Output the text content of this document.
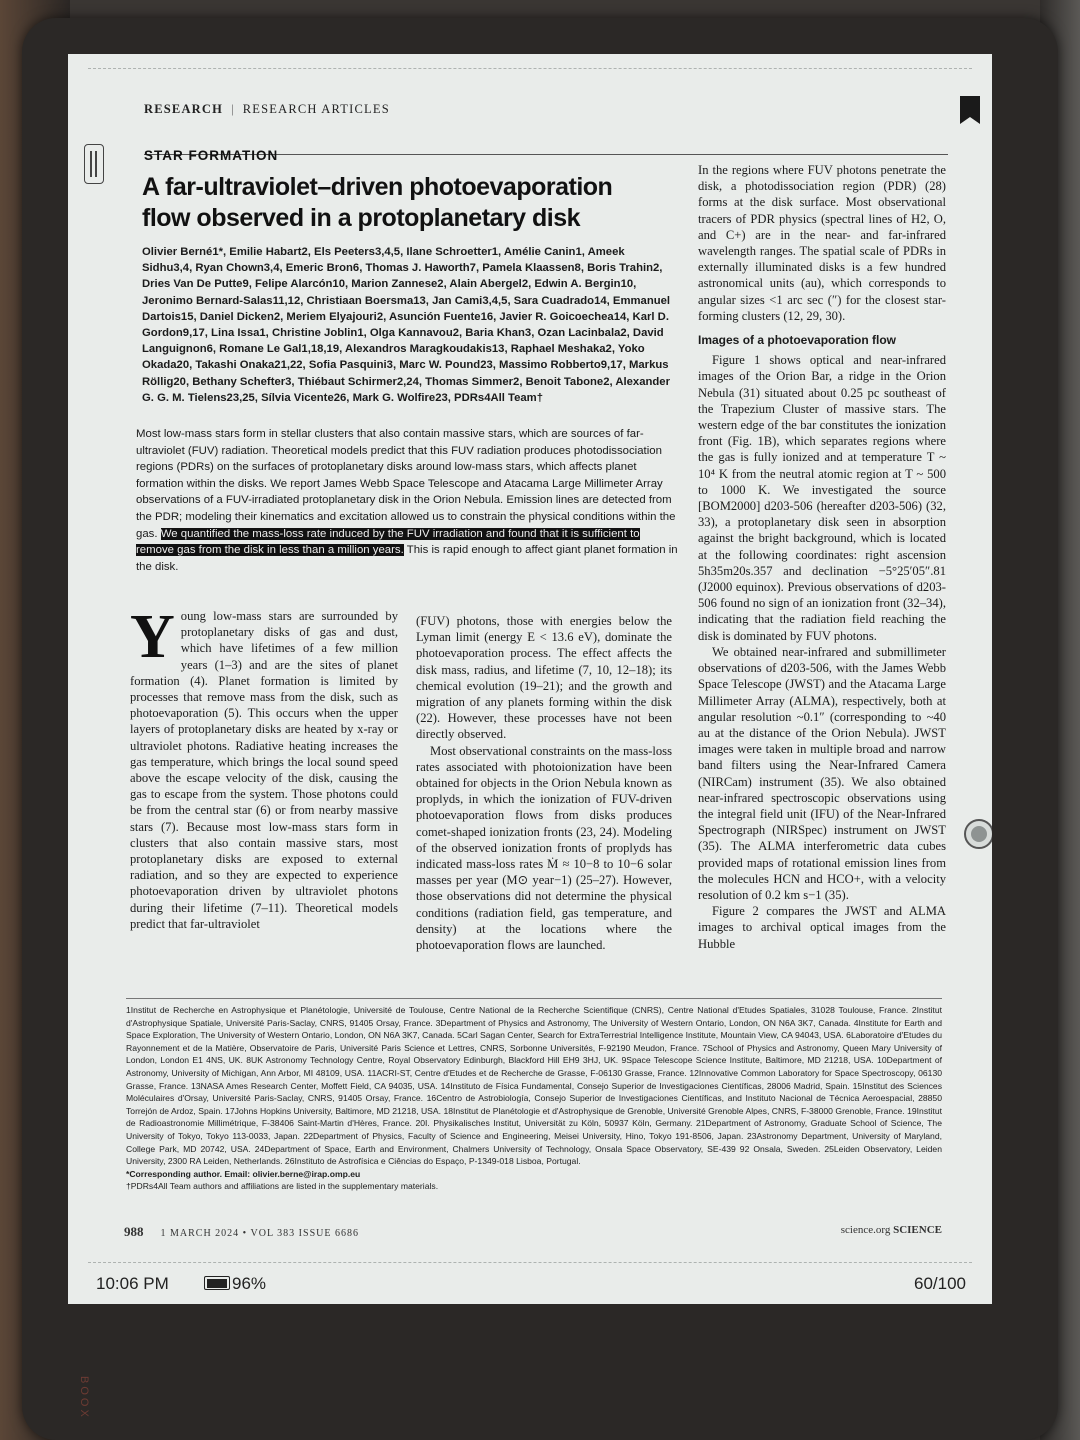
BOOX
RESEARCH | RESEARCH ARTICLES
STAR FORMATION
A far-ultraviolet–driven photoevaporation flow observed in a protoplanetary disk
Olivier Berné1*, Emilie Habart2, Els Peeters3,4,5, Ilane Schroetter1, Amélie Canin1, Ameek Sidhu3,4, Ryan Chown3,4, Emeric Bron6, Thomas J. Haworth7, Pamela Klaassen8, Boris Trahin2, Dries Van De Putte9, Felipe Alarcón10, Marion Zannese2, Alain Abergel2, Edwin A. Bergin10, Jeronimo Bernard-Salas11,12, Christiaan Boersma13, Jan Cami3,4,5, Sara Cuadrado14, Emmanuel Dartois15, Daniel Dicken2, Meriem Elyajouri2, Asunción Fuente16, Javier R. Goicoechea14, Karl D. Gordon9,17, Lina Issa1, Christine Joblin1, Olga Kannavou2, Baria Khan3, Ozan Lacinbala2, David Languignon6, Romane Le Gal1,18,19, Alexandros Maragkoudakis13, Raphael Meshaka2, Yoko Okada20, Takashi Onaka21,22, Sofia Pasquini3, Marc W. Pound23, Massimo Robberto9,17, Markus Röllig20, Bethany Schefter3, Thiébaut Schirmer2,24, Thomas Simmer2, Benoit Tabone2, Alexander G. G. M. Tielens23,25, Sílvia Vicente26, Mark G. Wolfire23, PDRs4All Team†
Most low-mass stars form in stellar clusters that also contain massive stars, which are sources of far-ultraviolet (FUV) radiation. Theoretical models predict that this FUV radiation produces photodissociation regions (PDRs) on the surfaces of protoplanetary disks around low-mass stars, which affects planet formation within the disks. We report James Webb Space Telescope and Atacama Large Millimeter Array observations of a FUV-irradiated protoplanetary disk in the Orion Nebula. Emission lines are detected from the PDR; modeling their kinematics and excitation allowed us to constrain the physical conditions within the gas. We quantified the mass-loss rate induced by the FUV irradiation and found that it is sufficient to remove gas from the disk in less than a million years. This is rapid enough to affect giant planet formation in the disk.

Young low-mass stars are surrounded by protoplanetary disks of gas and dust, which have lifetimes of a few million years (1–3) and are the sites of planet formation (4). Planet formation is limited by processes that remove mass from the disk, such as photoevaporation (5). This occurs when the upper layers of protoplanetary disks are heated by x-ray or ultraviolet photons. Radiative heating increases the gas temperature, which brings the local sound speed above the escape velocity of the disk, causing the gas to escape from the system. Those photons could be from the central star (6) or from nearby massive stars (7). Because most low-mass stars form in clusters that also contain massive stars, most protoplanetary disks are exposed to external radiation, and so they are expected to experience photoevaporation driven by ultraviolet photons during their lifetime (7–11). Theoretical models predict that far-ultraviolet

(FUV) photons, those with energies below the Lyman limit (energy E < 13.6 eV), dominate the photoevaporation process. The effect affects the disk mass, radius, and lifetime (7, 10, 12–18); its chemical evolution (19–21); and the growth and migration of any planets forming within the disk (22). However, these processes have not been directly observed.

Most observational constraints on the mass-loss rates associated with photoionization have been obtained for objects in the Orion Nebula known as proplyds, in which the ionization of FUV-driven photoevaporation flows from disks produces comet-shaped ionization fronts (23, 24). Modeling of the observed ionization fronts of proplyds has indicated mass-loss rates Ṁ ≈ 10−8 to 10−6 solar masses per year (M⊙ year−1) (25–27). However, those observations did not determine the physical conditions (radiation field, gas temperature, and density) at the locations where the photoevaporation flows are launched.

In the regions where FUV photons penetrate the disk, a photodissociation region (PDR) (28) forms at the disk surface. Most observational tracers of PDR physics (spectral lines of H2, O, and C+) are in the near- and far-infrared wavelength ranges. The spatial scale of PDRs in externally illuminated disks is a few hundred astronomical units (au), which corresponds to angular sizes <1 arc sec (″) for the closest star-forming clusters (12, 29, 30).

Images of a photoevaporation flow

Figure 1 shows optical and near-infrared images of the Orion Bar, a ridge in the Orion Nebula (31) situated about 0.25 pc southeast of the Trapezium Cluster of massive stars. The western edge of the bar constitutes the ionization front (Fig. 1B), which separates regions where the gas is fully ionized and at temperature T ~ 10⁴ K from the neutral atomic region at T ~ 500 to 1000 K. We investigated the source [BOM2000] d203-506 (hereafter d203-506) (32, 33), a protoplanetary disk seen in absorption against the bright background, which is located at the following coordinates: right ascension 5h35m20s.357 and declination −5°25′05″.81 (J2000 equinox). Previous observations of d203-506 found no sign of an ionization front (32–34), indicating that the radiation field reaching the disk is dominated by FUV photons.

We obtained near-infrared and submillimeter observations of d203-506, with the James Webb Space Telescope (JWST) and the Atacama Large Millimeter Array (ALMA), respectively, both at angular resolution ~0.1″ (corresponding to ~40 au at the distance of the Orion Nebula). JWST images were taken in multiple broad and narrow band filters using the Near-Infrared Camera (NIRCam) instrument (35). We also obtained near-infrared spectroscopic observations using the integral field unit (IFU) of the Near-Infrared Spectrograph (NIRSpec) instrument on JWST (35). The ALMA interferometric data cubes provided maps of rotational emission lines from the molecules HCN and HCO+, with a velocity resolution of 0.2 km s−1 (35).

Figure 2 compares the JWST and ALMA images to archival optical images from the Hubble

1Institut de Recherche en Astrophysique et Planétologie, Université de Toulouse, Centre National de la Recherche Scientifique (CNRS), Centre National d'Etudes Spatiales, 31028 Toulouse, France. 2Institut d'Astrophysique Spatiale, Université Paris-Saclay, CNRS, 91405 Orsay, France. 3Department of Physics and Astronomy, The University of Western Ontario, London, ON N6A 3K7, Canada. 4Institute for Earth and Space Exploration, The University of Western Ontario, London, ON N6A 3K7, Canada. 5Carl Sagan Center, Search for ExtraTerrestrial Intelligence Institute, Mountain View, CA 94043, USA. 6Laboratoire d'Etudes du Rayonnement et de la Matière, Observatoire de Paris, Université Paris Science et Lettres, CNRS, Sorbonne Universités, F-92190 Meudon, France. 7School of Physics and Astronomy, Queen Mary University of London, London E1 4NS, UK. 8UK Astronomy Technology Centre, Royal Observatory Edinburgh, Blackford Hill EH9 3HJ, UK. 9Space Telescope Science Institute, Baltimore, MD 21218, USA. 10Department of Astronomy, University of Michigan, Ann Arbor, MI 48109, USA. 11ACRI-ST, Centre d'Etudes et de Recherche de Grasse, F-06130 Grasse, France. 12Innovative Common Laboratory for Space Spectroscopy, 06130 Grasse, France. 13NASA Ames Research Center, Moffett Field, CA 94035, USA. 14Instituto de Física Fundamental, Consejo Superior de Investigaciones Científicas, 28006 Madrid, Spain. 15Institut des Sciences Moléculaires d'Orsay, Université Paris-Saclay, CNRS, 91405 Orsay, France. 16Centro de Astrobiología, Consejo Superior de Investigaciones Científicas, and Instituto Nacional de Técnica Aeroespacial, 28850 Torrejón de Ardoz, Spain. 17Johns Hopkins University, Baltimore, MD 21218, USA. 18Institut de Planétologie et d'Astrophysique de Grenoble, Université Grenoble Alpes, CNRS, F-38000 Grenoble, France. 19Institut de Radioastronomie Millimétrique, F-38406 Saint-Martin d'Hères, France. 20I. Physikalisches Institut, Universität zu Köln, 50937 Köln, Germany. 21Department of Astronomy, Graduate School of Science, The University of Tokyo, Tokyo 113-0033, Japan. 22Department of Physics, Faculty of Science and Engineering, Meisei University, Hino, Tokyo 191-8506, Japan. 23Astronomy Department, University of Maryland, College Park, MD 20742, USA. 24Department of Space, Earth and Environment, Chalmers University of Technology, Onsala Space Observatory, SE-439 92 Onsala, Sweden. 25Leiden Observatory, Leiden University, 2300 RA Leiden, Netherlands. 26Instituto de Astrofísica e Ciências do Espaço, P-1349-018 Lisboa, Portugal.

*Corresponding author. Email: olivier.berne@irap.omp.eu

†PDRs4All Team authors and affiliations are listed in the supplementary materials.

988 1 MARCH 2024 • VOL 383 ISSUE 6686	science.org SCIENCE
10:06 PM	96%	60/100
